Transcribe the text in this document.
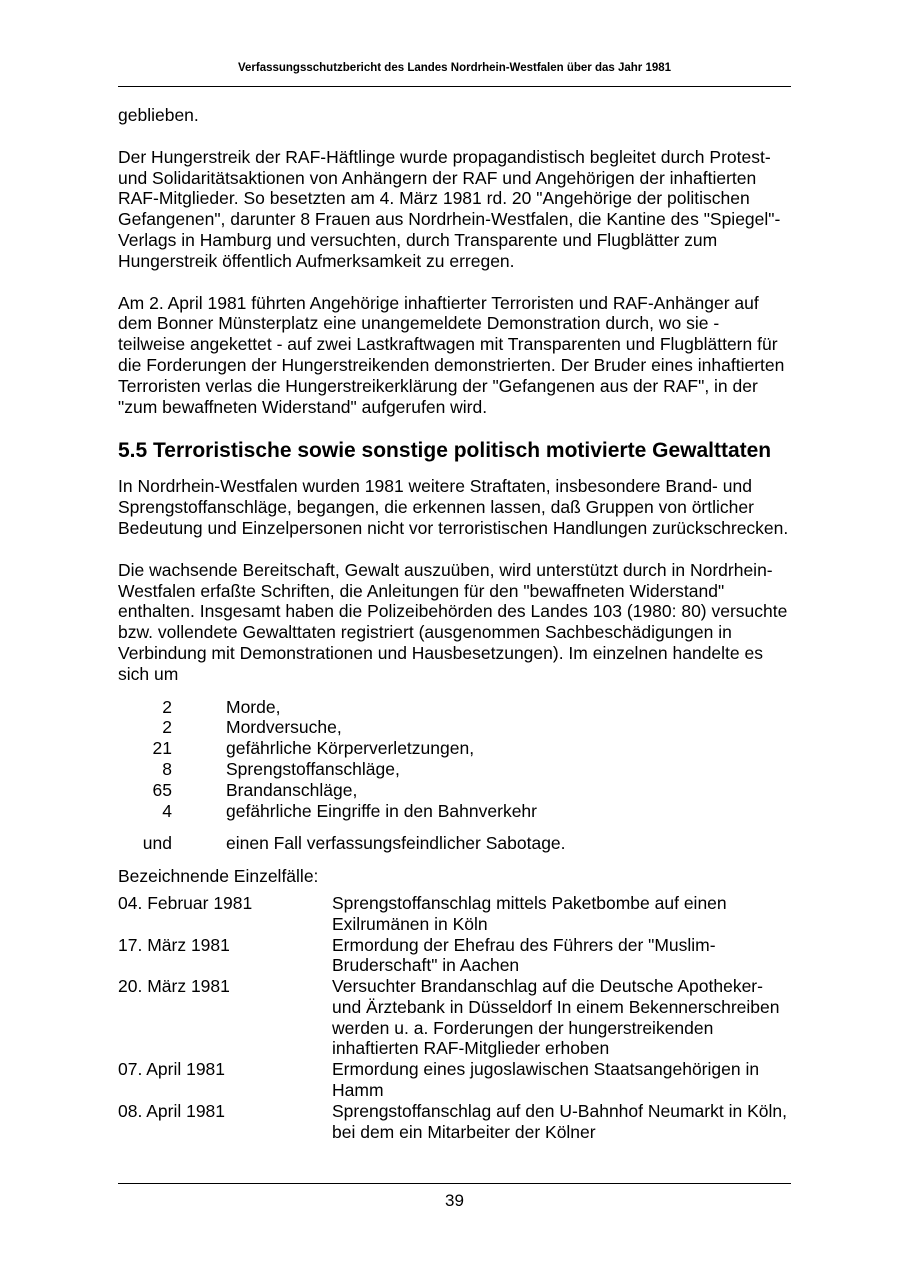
Verfassungsschutzbericht des Landes Nordrhein-Westfalen über das Jahr 1981

geblieben.

Der Hungerstreik der RAF-Häftlinge wurde propagandistisch begleitet durch Protest- und Solidaritätsaktionen von Anhängern der RAF und Angehörigen der inhaftierten RAF-Mitglieder. So besetzten am 4. März 1981 rd. 20 "Angehörige der politischen Gefangenen", darunter 8 Frauen aus Nordrhein-Westfalen, die Kantine des "Spiegel"-Verlags in Hamburg und versuchten, durch Transparente und Flugblätter zum Hungerstreik öffentlich Aufmerksamkeit zu erregen.

Am 2. April 1981 führten Angehörige inhaftierter Terroristen und RAF-Anhänger auf dem Bonner Münsterplatz eine unangemeldete Demonstration durch, wo sie - teilweise angekettet - auf zwei Lastkraftwagen mit Transparenten und Flugblättern für die Forderungen der Hungerstreikenden demonstrierten. Der Bruder eines inhaftierten Terroristen verlas die Hungerstreikerklärung der "Gefangenen aus der RAF", in der "zum bewaffneten Widerstand" aufgerufen wird.

5.5 Terroristische sowie sonstige politisch motivierte Gewalttaten

In Nordrhein-Westfalen wurden 1981 weitere Straftaten, insbesondere Brand- und Sprengstoffanschläge, begangen, die erkennen lassen, daß Gruppen von örtlicher Bedeutung und Einzelpersonen nicht vor terroristischen Handlungen zurückschrecken.

Die wachsende Bereitschaft, Gewalt auszuüben, wird unterstützt durch in Nordrhein-Westfalen erfaßte Schriften, die Anleitungen für den "bewaffneten Widerstand" enthalten. Insgesamt haben die Polizeibehörden des Landes 103 (1980: 80) versuchte bzw. vollendete Gewalttaten registriert (ausgenommen Sachbeschädigungen in Verbindung mit Demonstrationen und Hausbesetzungen). Im einzelnen handelte es sich um

2	Morde,
2	Mordversuche,
21	gefährliche Körperverletzungen,
8	Sprengstoffanschläge,
65	Brandanschläge,
4	gefährliche Eingriffe in den Bahnverkehr
und	einen Fall verfassungsfeindlicher Sabotage.
Bezeichnende Einzelfälle:
04. Februar 1981	Sprengstoffanschlag mittels Paketbombe auf einen Exilrumänen in Köln
17. März 1981	Ermordung der Ehefrau des Führers der "Muslim-Bruderschaft" in Aachen
20. März 1981	Versuchter Brandanschlag auf die Deutsche Apotheker- und Ärztebank in Düsseldorf In einem Bekennerschreiben werden u. a. Forderungen der hungerstreikenden inhaftierten RAF-Mitglieder erhoben
07. April 1981	Ermordung eines jugoslawischen Staatsangehörigen in Hamm
08. April 1981	Sprengstoffanschlag auf den U-Bahnhof Neumarkt in Köln, bei dem ein Mitarbeiter der Kölner
39
